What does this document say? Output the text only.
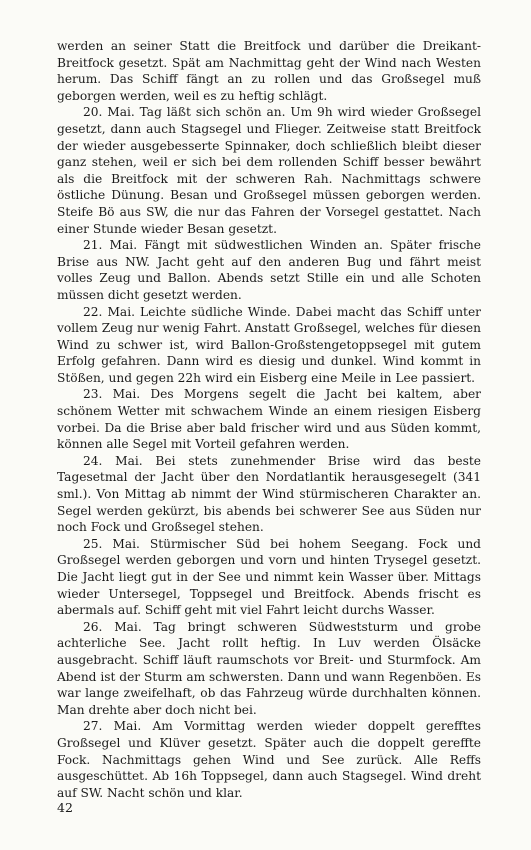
werden an seiner Statt die Breitfock und darüber die Dreikant-Breitfock gesetzt. Spät am Nachmittag geht der Wind nach Westen herum. Das Schiff fängt an zu rollen und das Großsegel muß geborgen werden, weil es zu heftig schlägt.

20. Mai. Tag läßt sich schön an. Um 9h wird wieder Großsegel gesetzt, dann auch Stagsegel und Flieger. Zeitweise statt Breitfock der wieder ausgebesserte Spinnaker, doch schließlich bleibt dieser ganz stehen, weil er sich bei dem rollenden Schiff besser bewährt als die Breitfock mit der schweren Rah. Nachmittags schwere östliche Dünung. Besan und Großsegel müssen geborgen werden. Steife Bö aus SW, die nur das Fahren der Vorsegel gestattet. Nach einer Stunde wieder Besan gesetzt.

21. Mai. Fängt mit südwestlichen Winden an. Später frische Brise aus NW. Jacht geht auf den anderen Bug und fährt meist volles Zeug und Ballon. Abends setzt Stille ein und alle Schoten müssen dicht gesetzt werden.

22. Mai. Leichte südliche Winde. Dabei macht das Schiff unter vollem Zeug nur wenig Fahrt. Anstatt Großsegel, welches für diesen Wind zu schwer ist, wird Ballon-Großstengetoppsegel mit gutem Erfolg gefahren. Dann wird es diesig und dunkel. Wind kommt in Stößen, und gegen 22h wird ein Eisberg eine Meile in Lee passiert.

23. Mai. Des Morgens segelt die Jacht bei kaltem, aber schönem Wetter mit schwachem Winde an einem riesigen Eisberg vorbei. Da die Brise aber bald frischer wird und aus Süden kommt, können alle Segel mit Vorteil gefahren werden.

24. Mai. Bei stets zunehmender Brise wird das beste Tagesetmal der Jacht über den Nordatlantik herausgesegelt (341 sml.). Von Mittag ab nimmt der Wind stürmischeren Charakter an. Segel werden gekürzt, bis abends bei schwerer See aus Süden nur noch Fock und Großsegel stehen.

25. Mai. Stürmischer Süd bei hohem Seegang. Fock und Großsegel werden geborgen und vorn und hinten Trysegel gesetzt. Die Jacht liegt gut in der See und nimmt kein Wasser über. Mittags wieder Untersegel, Toppsegel und Breitfock. Abends frischt es abermals auf. Schiff geht mit viel Fahrt leicht durchs Wasser.

26. Mai. Tag bringt schweren Südweststurm und grobe achterliche See. Jacht rollt heftig. In Luv werden Ölsäcke ausgebracht. Schiff läuft raumschots vor Breit- und Sturmfock. Am Abend ist der Sturm am schwersten. Dann und wann Regenböen. Es war lange zweifelhaft, ob das Fahrzeug würde durchhalten können. Man drehte aber doch nicht bei.

27. Mai. Am Vormittag werden wieder doppelt gerefftes Großsegel und Klüver gesetzt. Später auch die doppelt gereffte Fock. Nachmittags gehen Wind und See zurück. Alle Reffs ausgeschüttet. Ab 16h Toppsegel, dann auch Stagsegel. Wind dreht auf SW. Nacht schön und klar.

42
